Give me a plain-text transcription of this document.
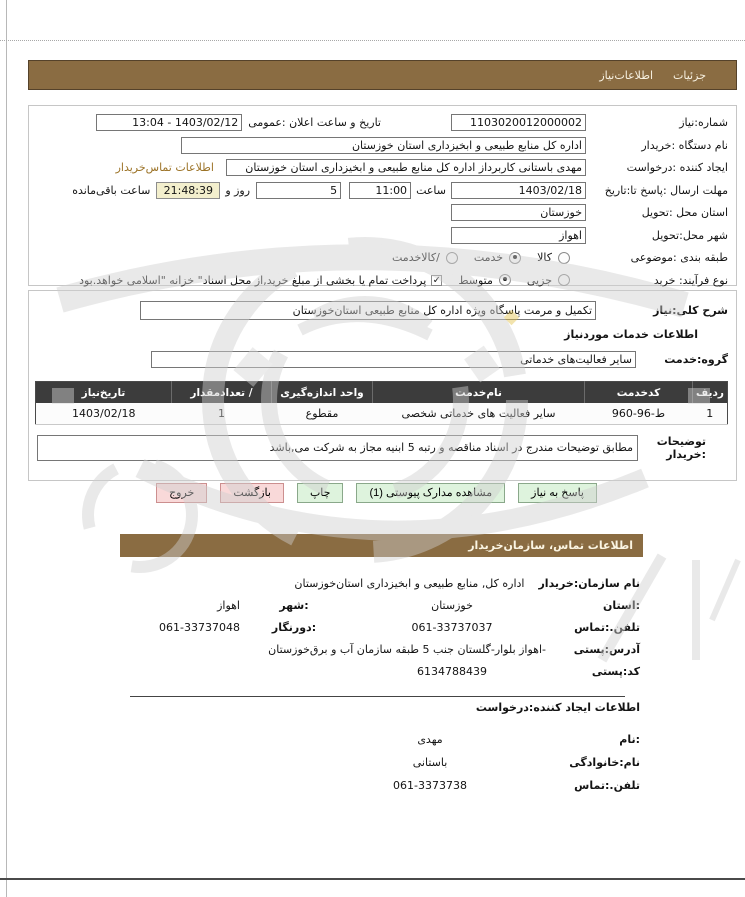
جزئیات
اطلاعات‌نیاز
شماره:نیاز
1103020012000002
تاریخ و ساعت اعلان :عمومی
1403/02/12 - 13:04
نام دستگاه :خریدار
اداره کل منابع طبیعی و ابخیزداری استان خوزستان
ایجاد کننده :درخواست
مهدی باستانی کاربرداز اداره کل منابع طبیعی و ابخیزداری استان خوزستان
اطلاعات تماس‌خریدار
مهلت ارسال :پاسخ تا:تاریخ
1403/02/18
ساعت
11:00
5
روز و
21:48:39
ساعت باقی‌مانده
استان محل :تحویل
خوزستان
شهر محل:تحویل
اهواز
طبقه بندی :موضوعی
کالا
خدمت
/کالاخدمت
نوع فرآیند: خرید
جزیی
متوسط
✓
پرداخت تمام یا بخشی از مبلغ خرید,از محل اسناد" خزانه "اسلامی خواهد.بود
شرح کلی:نیاز
تکمیل و مرمت پاسگاه ویژه اداره کل منابع طبیعی استان‌خوزستان
اطلاعات خدمات موردنیاز
گروه:خدمت
سایر فعالیت‌های خدماتی
ردیف	کدخدمت	نام‌خدمت	واحد اندازه‌گیری	/ تعدادمقدار	تاریخ‌نیاز
1	ط-96-960	سایر فعالیت های خدماتی شخصی	مقطوع	1	1403/02/18
توضیحات
:خریدار
مطابق توضیحات مندرج در اسناد مناقصه و رتبه 5 ابنیه مجاز به شرکت می,باشد
پاسخ به نیاز
مشاهده مدارک پیوستی (1)
چاپ
بازگشت
خروج
اطلاعات تماس، سازمان‌خریدار
نام سازمان:خریدار
اداره کل, منابع طبیعی و ابخیزداری استان‌خوزستان
:استان
خوزستان
:شهر
اهواز
تلفن.:تماس
061-33737037
:دورنگار
061-33737048
آدرس:پستی
-اهواز بلوار-گلستان جنب 5 طبقه سازمان آب و برق‌خوزستان
کد:پستی
6134788439
اطلاعات ایجاد کننده:درخواست
:نام
مهدی
نام:خانوادگی
باستانی
تلفن.:تماس
061-3373738
